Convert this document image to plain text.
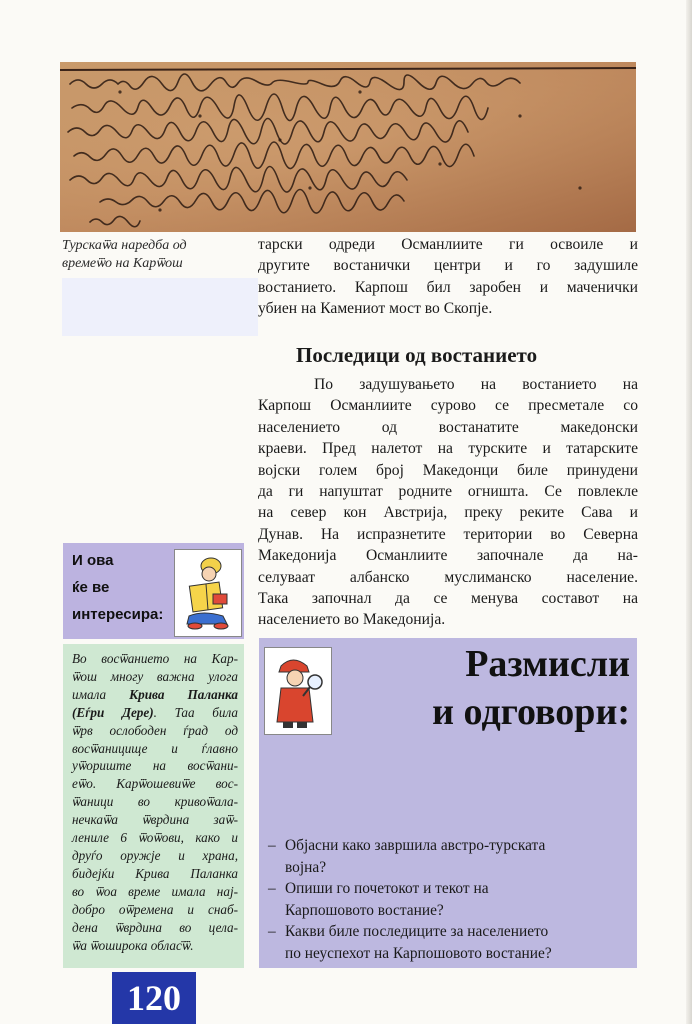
Турскаѿа наредба од
времеѿо на Карѿош
тарски одреди Османлиите ги освоиле и
другите востанички центри и го задушиле
востанието. Карпош бил заробен и маченички
убиен на Камениот мост во Скопје.
Последици од востанието
По задушувањето на востанието на
Карпош Османлиите сурово се пресметале со
населението од востанатите македонски
краеви. Пред налетот на турските и татарските
војски голем број Македонци биле принудени
да ги напуштат родните огништа. Се повлекле
на север кон Австрија, преку реките Сава и
Дунав. На испразнетите територии во Северна
Македонија Османлиите започнале да на-
селуваат албанско муслиманско население.
Така започнал да се менува составот на
населението во Македонија.
И ова
ќе ве
интересира:
Во восѿанието на Кар-
ѿош многу важна улога
имала Крива Паланка
(Еѓри Дере). Таа била
ѿрв ослободен ѓрад од
восѿаницище и ѓлавно
уѿориште на восѿани-
еѿо. Карѿошевиѿе вос-
ѿаници во кривоѿала-
нечкаѿа ѿврдина заѿ-
лениле 6 ѿоѿови, како и
друѓо оружје и храна,
бидејќи Крива Паланка
во ѿоа време имала нај-
добро оѿремена и снаб-
дена ѿврдина во цела-
ѿа ѿоширока облас̄ѿ.
Размисли
и одговори:
– Објасни како завршила австро-турската
војна?
– Опиши го почетокот и текот на
Карпошовото востание?
– Какви биле последиците за населението
по неуспехот на Карпошовото востание?
120
